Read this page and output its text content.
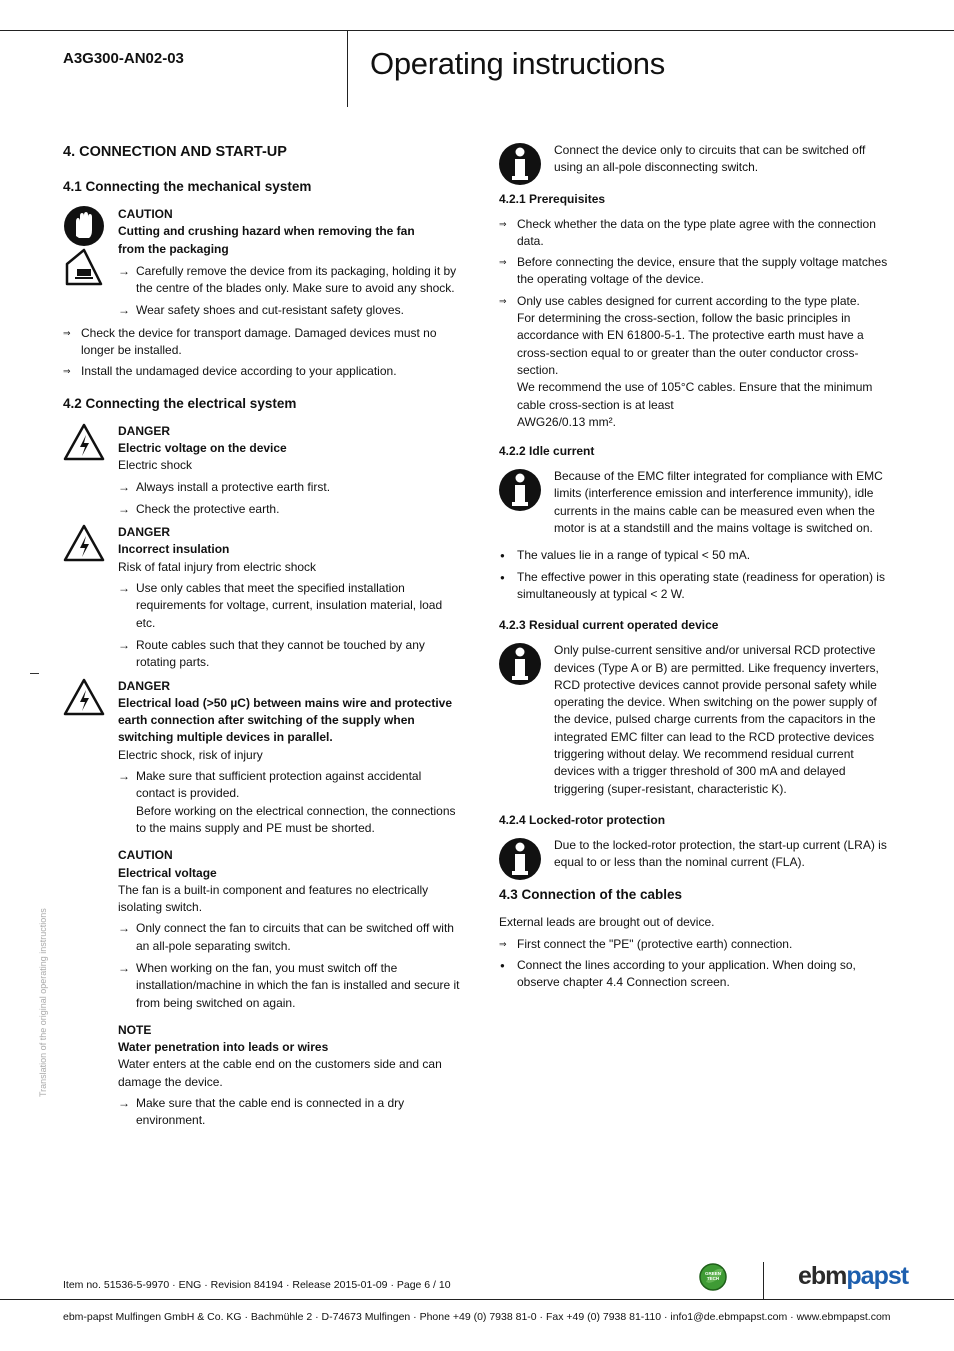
A3G300-AN02-03	Operating instructions
Translation of the original operating instructions
4. CONNECTION AND START-UP
4.1 Connecting the mechanical system
CAUTION
Cutting and crushing hazard when removing the fan from the packaging
→ Carefully remove the device from its packaging, holding it by the centre of the blades only. Make sure to avoid any shock.
→ Wear safety shoes and cut-resistant safety gloves.
⇒ Check the device for transport damage. Damaged devices must no longer be installed.
⇒ Install the undamaged device according to your application.
4.2 Connecting the electrical system
DANGER
Electric voltage on the device
Electric shock
→ Always install a protective earth first.
→ Check the protective earth.
DANGER
Incorrect insulation
Risk of fatal injury from electric shock
→ Use only cables that meet the specified installation requirements for voltage, current, insulation material, load etc.
→ Route cables such that they cannot be touched by any rotating parts.
DANGER
Electrical load (>50 µC) between mains wire and protective earth connection after switching of the supply when switching multiple devices in parallel.
Electric shock, risk of injury
→ Make sure that sufficient protection against accidental contact is provided.
Before working on the electrical connection, the connections to the mains supply and PE must be shorted.
CAUTION
Electrical voltage
The fan is a built-in component and features no electrically isolating switch.
→ Only connect the fan to circuits that can be switched off with an all-pole separating switch.
→ When working on the fan, you must switch off the installation/machine in which the fan is installed and secure it from being switched on again.
NOTE
Water penetration into leads or wires
Water enters at the cable end on the customers side and can damage the device.
→ Make sure that the cable end is connected in a dry environment.
Connect the device only to circuits that can be switched off using an all-pole disconnecting switch.
4.2.1 Prerequisites
⇒ Check whether the data on the type plate agree with the connection data.
⇒ Before connecting the device, ensure that the supply voltage matches the operating voltage of the device.
⇒ Only use cables designed for current according to the type plate.
For determining the cross-section, follow the basic principles in accordance with EN 61800-5-1. The protective earth must have a cross-section equal to or greater than the outer conductor cross-section.
We recommend the use of 105°C cables. Ensure that the minimum cable cross-section is at least
AWG26/0.13 mm².
4.2.2 Idle current
Because of the EMC filter integrated for compliance with EMC limits (interference emission and interference immunity), idle currents in the mains cable can be measured even when the motor is at a standstill and the mains voltage is switched on.
● The values lie in a range of typical < 50 mA.
● The effective power in this operating state (readiness for operation) is simultaneously at typical < 2 W.
4.2.3 Residual current operated device
Only pulse-current sensitive and/or universal RCD protective devices (Type A or B) are permitted. Like frequency inverters, RCD protective devices cannot provide personal safety while operating the device. When switching on the power supply of the device, pulsed charge currents from the capacitors in the integrated EMC filter can lead to the RCD protective devices triggering without delay. We recommend residual current devices with a trigger threshold of 300 mA and delayed triggering (super-resistant, characteristic K).
4.2.4 Locked-rotor protection
Due to the locked-rotor protection, the start-up current (LRA) is equal to or less than the nominal current (FLA).
4.3 Connection of the cables
External leads are brought out of device.
⇒ First connect the "PE" (protective earth) connection.
● Connect the lines according to your application. When doing so, observe chapter 4.4 Connection screen.
Item no. 51536-5-9970 · ENG · Revision 84194 · Release 2015-01-09 · Page 6 / 10
GREEN TECH	ebmpapst
ebm-papst Mulfingen GmbH & Co. KG · Bachmühle 2 · D-74673 Mulfingen · Phone +49 (0) 7938 81-0 · Fax +49 (0) 7938 81-110 · info1@de.ebmpapst.com · www.ebmpapst.com
